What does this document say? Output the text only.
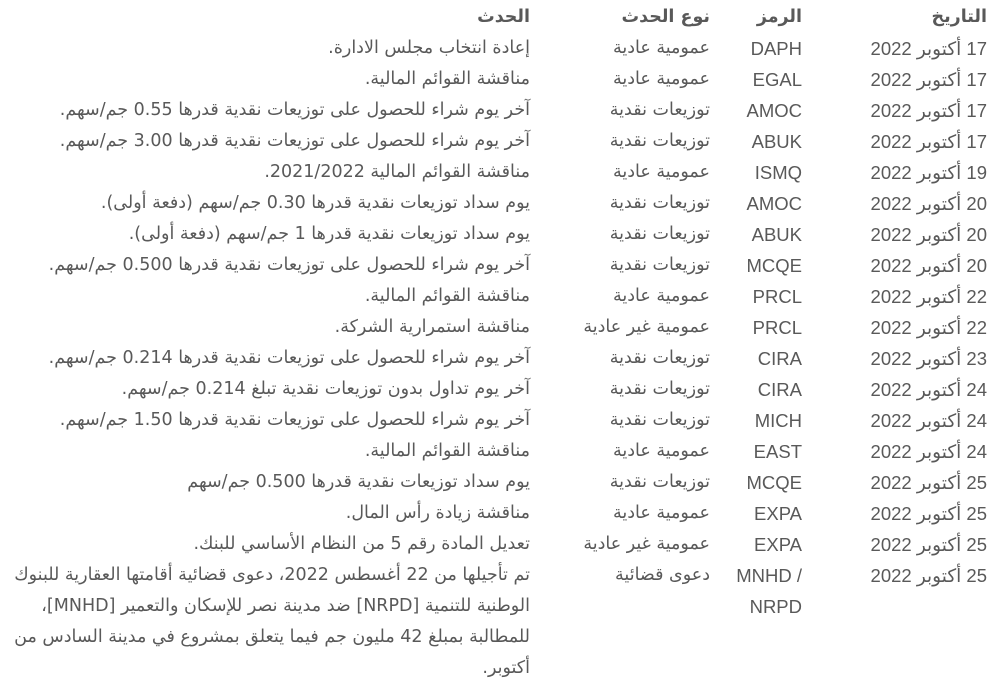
التاريخ	الرمز	نوع الحدث	الحدث
17 أكتوبر 2022	DAPH	عمومية عادية	إعادة انتخاب مجلس الادارة.
17 أكتوبر 2022	EGAL	عمومية عادية	مناقشة القوائم المالية.
17 أكتوبر 2022	AMOC	توزيعات نقدية	آخر يوم شراء للحصول على توزيعات نقدية قدرها 0.55 جم/سهم.
17 أكتوبر 2022	ABUK	توزيعات نقدية	آخر يوم شراء للحصول على توزيعات نقدية قدرها 3.00 جم/سهم.
19 أكتوبر 2022	ISMQ	عمومية عادية	مناقشة القوائم المالية 2021/2022.
20 أكتوبر 2022	AMOC	توزيعات نقدية	يوم سداد توزيعات نقدية قدرها 0.30 جم/سهم (دفعة أولى).
20 أكتوبر 2022	ABUK	توزيعات نقدية	يوم سداد توزيعات نقدية قدرها 1 جم/سهم (دفعة أولى).
20 أكتوبر 2022	MCQE	توزيعات نقدية	آخر يوم شراء للحصول على توزيعات نقدية قدرها 0.500 جم/سهم.
22 أكتوبر 2022	PRCL	عمومية عادية	مناقشة القوائم المالية.
22 أكتوبر 2022	PRCL	عمومية غير عادية	مناقشة استمرارية الشركة.
23 أكتوبر 2022	CIRA	توزيعات نقدية	آخر يوم شراء للحصول على توزيعات نقدية قدرها 0.214 جم/سهم.
24 أكتوبر 2022	CIRA	توزيعات نقدية	آخر يوم تداول بدون توزيعات نقدية تبلغ 0.214 جم/سهم.
24 أكتوبر 2022	MICH	توزيعات نقدية	آخر يوم شراء للحصول على توزيعات نقدية قدرها 1.50 جم/سهم.
24 أكتوبر 2022	EAST	عمومية عادية	مناقشة القوائم المالية.
25 أكتوبر 2022	MCQE	توزيعات نقدية	يوم سداد توزيعات نقدية قدرها 0.500 جم/سهم
25 أكتوبر 2022	EXPA	عمومية عادية	مناقشة زيادة رأس المال.
25 أكتوبر 2022	EXPA	عمومية غير عادية	تعديل المادة رقم 5 من النظام الأساسي للبنك.
25 أكتوبر 2022	MNHD / NRPD	دعوى قضائية	تم تأجيلها من 22 أغسطس 2022، دعوى قضائية أقامتها العقارية للبنوك الوطنية للتنمية [NRPD] ضد مدينة نصر للإسكان والتعمير [MNHD]، للمطالبة بمبلغ 42 مليون جم فيما يتعلق بمشروع في مدينة السادس من أكتوبر.
